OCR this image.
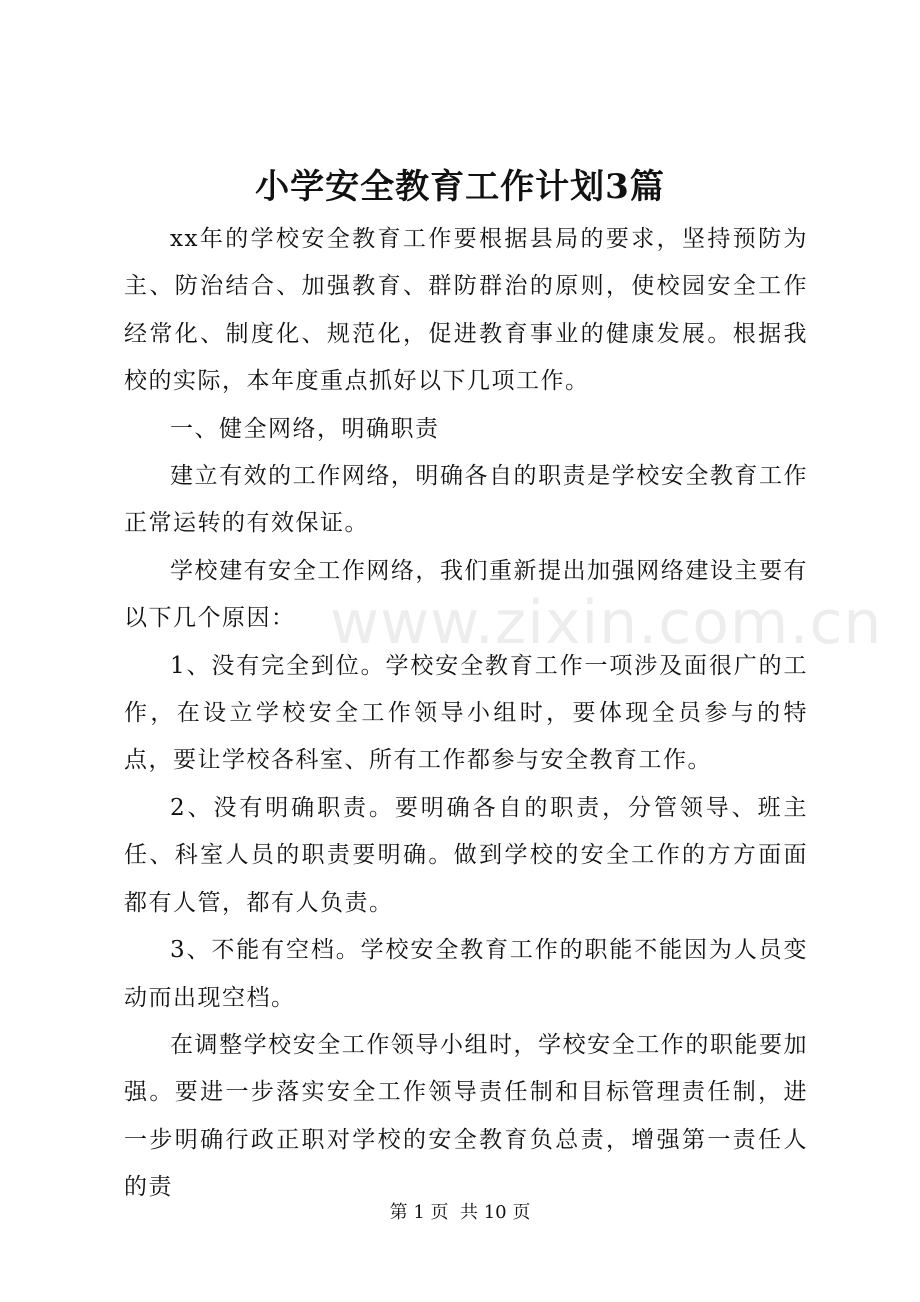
小学安全教育工作计划3篇

xx年的学校安全教育工作要根据县局的要求，坚持预防为主、防治结合、加强教育、群防群治的原则，使校园安全工作经常化、制度化、规范化，促进教育事业的健康发展。根据我校的实际，本年度重点抓好以下几项工作。

一、健全网络，明确职责

建立有效的工作网络，明确各自的职责是学校安全教育工作正常运转的有效保证。

学校建有安全工作网络，我们重新提出加强网络建设主要有以下几个原因：

1、没有完全到位。学校安全教育工作一项涉及面很广的工作，在设立学校安全工作领导小组时，要体现全员参与的特点，要让学校各科室、所有工作都参与安全教育工作。

2、没有明确职责。要明确各自的职责，分管领导、班主任、科室人员的职责要明确。做到学校的安全工作的方方面面都有人管，都有人负责。

3、不能有空档。学校安全教育工作的职能不能因为人员变动而出现空档。

在调整学校安全工作领导小组时，学校安全工作的职能要加强。要进一步落实安全工作领导责任制和目标管理责任制，进一步明确行政正职对学校的安全教育负总责，增强第一责任人的责

www.zixin.com.cn
第 1 页  共 10 页
